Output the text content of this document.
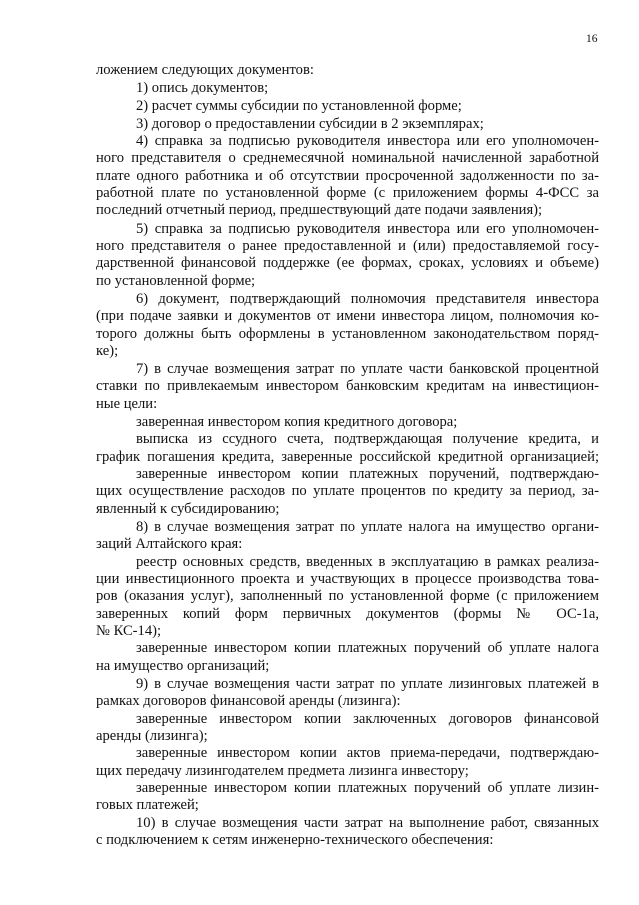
16
ложением следующих документов:
1) опись документов;
2) расчет суммы субсидии по установленной форме;
3) договор о предоставлении субсидии в 2 экземплярах;
4) справка за подписью руководителя инвестора или его уполномочен-
ного представителя о среднемесячной номинальной начисленной заработной
плате одного работника и об отсутствии просроченной задолженности по за-
работной плате по установленной форме (с приложением формы 4-ФСС за
последний отчетный период, предшествующий дате подачи заявления);
5) справка за подписью руководителя инвестора или его уполномочен-
ного представителя о ранее предоставленной и (или) предоставляемой госу-
дарственной финансовой поддержке (ее формах, сроках, условиях и объеме)
по установленной форме;
6) документ, подтверждающий полномочия представителя инвестора
(при подаче заявки и документов от имени инвестора лицом, полномочия ко-
торого должны быть оформлены в установленном законодательством поряд-
ке);
7) в случае возмещения затрат по уплате части банковской процентной
ставки по привлекаемым инвестором банковским кредитам на инвестицион-
ные цели:
заверенная инвестором копия кредитного договора;
выписка из ссудного счета, подтверждающая получение кредита, и
график погашения кредита, заверенные российской кредитной организацией;
заверенные инвестором копии платежных поручений, подтверждаю-
щих осуществление расходов по уплате процентов по кредиту за период, за-
явленный к субсидированию;
8) в случае возмещения затрат по уплате налога на имущество органи-
заций Алтайского края:
реестр основных средств, введенных в эксплуатацию в рамках реализа-
ции инвестиционного проекта и участвующих в процессе производства това-
ров (оказания услуг), заполненный по установленной форме (с приложением
заверенных копий форм первичных документов (формы № ОС-1а,
№ КС-14);
заверенные инвестором копии платежных поручений об уплате налога
на имущество организаций;
9) в случае возмещения части затрат по уплате лизинговых платежей в
рамках договоров финансовой аренды (лизинга):
заверенные инвестором копии заключенных договоров финансовой
аренды (лизинга);
заверенные инвестором копии актов приема-передачи, подтверждаю-
щих передачу лизингодателем предмета лизинга инвестору;
заверенные инвестором копии платежных поручений об уплате лизин-
говых платежей;
10) в случае возмещения части затрат на выполнение работ, связанных
с подключением к сетям инженерно-технического обеспечения:
